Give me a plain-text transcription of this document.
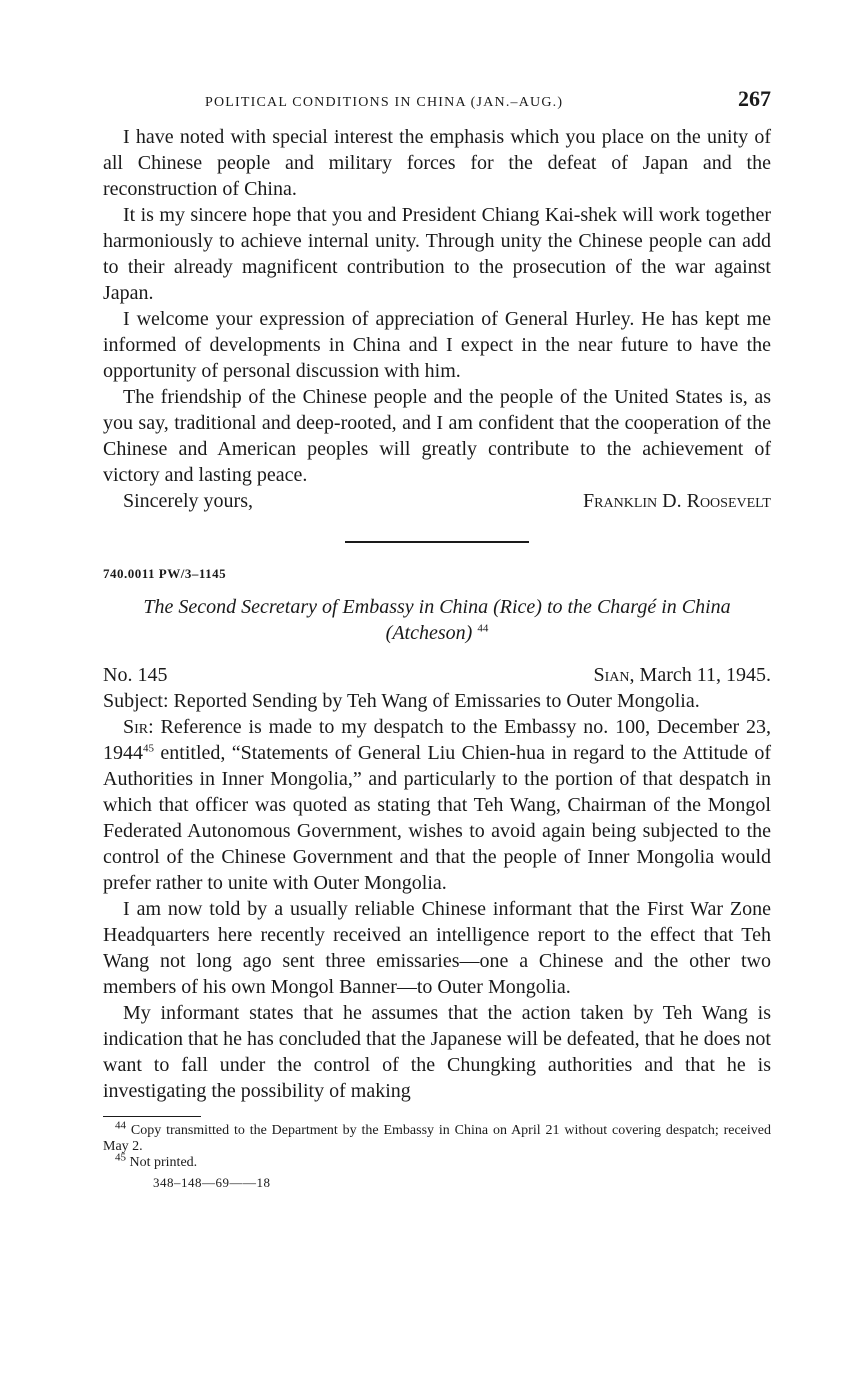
POLITICAL CONDITIONS IN CHINA (JAN.–AUG.)	267

I have noted with special interest the emphasis which you place on the unity of all Chinese people and military forces for the defeat of Japan and the reconstruction of China.

It is my sincere hope that you and President Chiang Kai-shek will work together harmoniously to achieve internal unity. Through unity the Chinese people can add to their already magnificent contribution to the prosecution of the war against Japan.

I welcome your expression of appreciation of General Hurley. He has kept me informed of developments in China and I expect in the near future to have the opportunity of personal discussion with him.

The friendship of the Chinese people and the people of the United States is, as you say, traditional and deep-rooted, and I am confident that the cooperation of the Chinese and American peoples will greatly contribute to the achievement of victory and lasting peace.

Sincerely yours,	Franklin D. Roosevelt
740.0011 PW/3–1145
The Second Secretary of Embassy in China (Rice) to the Chargé in China (Atcheson) $^{44}$
No. 145	Sian, March 11, 1945.
Subject: Reported Sending by Teh Wang of Emissaries to Outer Mongolia.

Sir: Reference is made to my despatch to the Embassy no. 100, December 23, 1944$^{45}$ entitled, “Statements of General Liu Chien-hua in regard to the Attitude of Authorities in Inner Mongolia,” and particularly to the portion of that despatch in which that officer was quoted as stating that Teh Wang, Chairman of the Mongol Federated Autonomous Government, wishes to avoid again being subjected to the control of the Chinese Government and that the people of Inner Mongolia would prefer rather to unite with Outer Mongolia.

I am now told by a usually reliable Chinese informant that the First War Zone Headquarters here recently received an intelligence report to the effect that Teh Wang not long ago sent three emissaries—one a Chinese and the other two members of his own Mongol Banner—to Outer Mongolia.

My informant states that he assumes that the action taken by Teh Wang is indication that he has concluded that the Japanese will be defeated, that he does not want to fall under the control of the Chungking authorities and that he is investigating the possibility of making

$^{44}$ Copy transmitted to the Department by the Embassy in China on April 21 without covering despatch; received May 2.

$^{45}$ Not printed.

348–148—69——18
